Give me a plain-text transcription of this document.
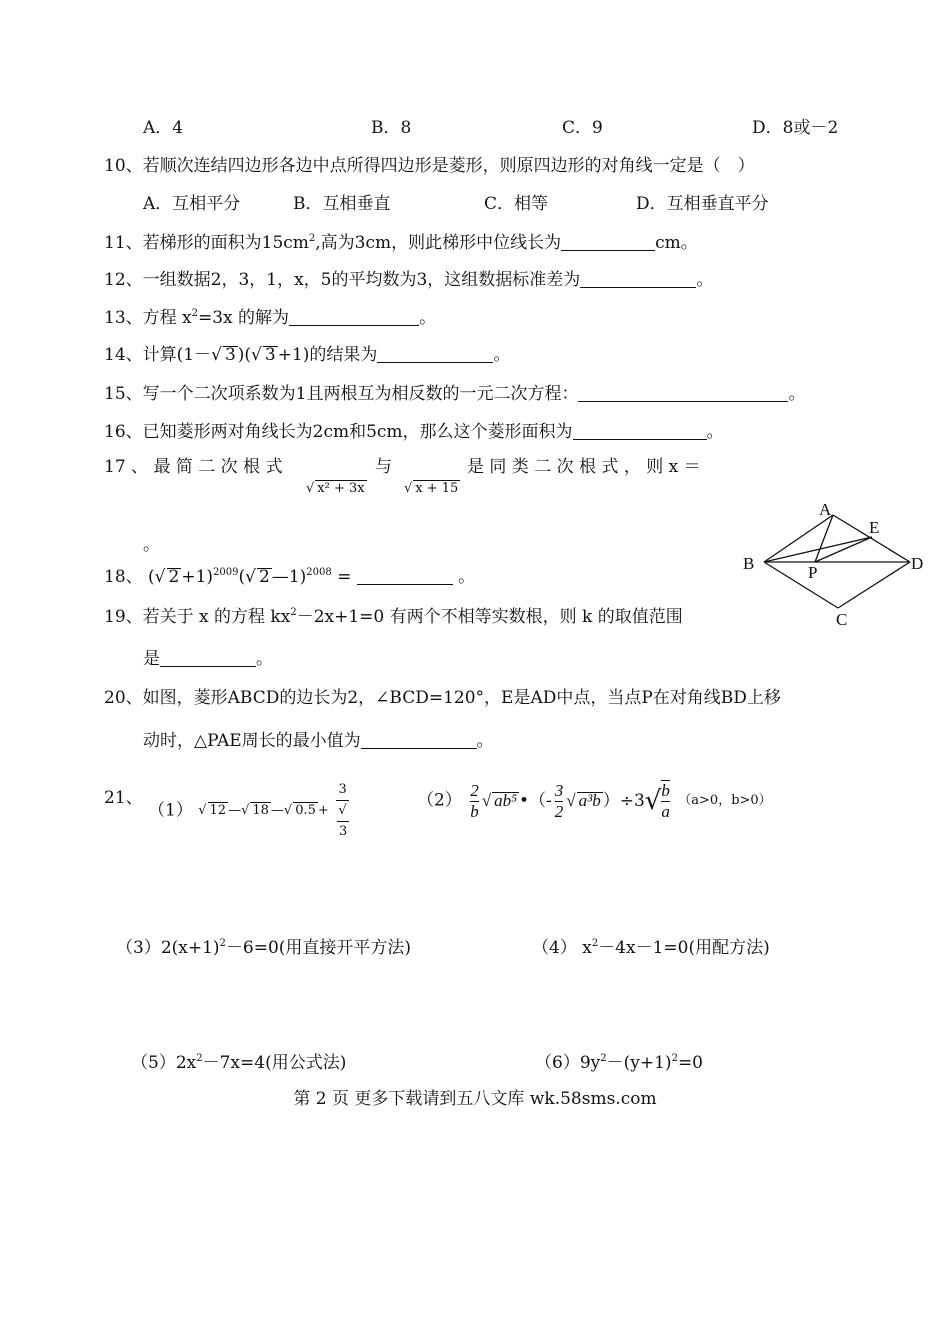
A．4	B．8	C．9	D．8或－2
10、若顺次连结四边形各边中点所得四边形是菱形，则原四边形的对角线一定是（　）
A．互相平分	B．互相垂直	C．相等	D．互相垂直平分
11、若梯形的面积为$15cm^2$,高为3cm，则此梯形中位线长为	cm。
12、一组数据2，3，1，x，5的平均数为3，这组数据标准差为	。
13、方程 $x^2=3x$ 的解为	。
14、计算(1－√ 3 )(√ 3 +1)的结果为	。
15、写一个二次项系数为1且两根互为相反数的一元二次方程：	。
16、已知菱形两对角线长为2cm和5cm，那么这个菱形面积为	。
17 、 最 简 二 次 根 式
√ x² + 3x
与
√ x + 15
是 同 类 二 次 根 式 ， 则 x ＝
。
18、 (√ 2 +1)$^{2009}$(√ 2 —1)$^{2008}$ =	。
19、若关于 x 的方程 $kx^2-2x+1=0$ 有两个不相等实数根，则 k 的取值范围
是	。
20、如图，菱形ABCD的边长为2，∠BCD=120°，E是AD中点，当点P在对角线BD上移
动时，△PAE周长的最小值为	。
A
E
B	D
P
C
21、
（1） √ 12 —√ 18 —√ 0.5 + 3
√
3	$(2) \frac{2}{b}$
√ ab⁵ •（- $\frac{3}{2}$
√ a³b ）$\div 3√ \frac{b}{a} (a>0$，b>0）
$(3)2(x+1)^2-6=0$(用直接开平方法)	（4） $x^2-4x-1=0$(用配方法)
$(5)2x^2-7x=4$(用公式法)	$(6)9y^2-(y+1)^2=0$
第 2 页 更多下载请到五八文库 wk.58sms.com
